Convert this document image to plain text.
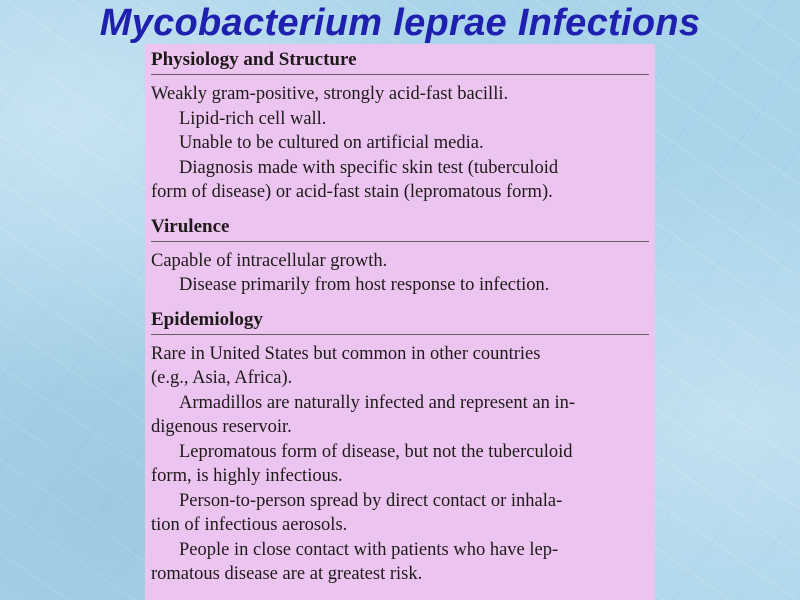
Mycobacterium leprae Infections
Physiology and Structure
Weakly gram-positive, strongly acid-fast bacilli.
Lipid-rich cell wall.
Unable to be cultured on artificial media.
Diagnosis made with specific skin test (tuberculoid
form of disease) or acid-fast stain (lepromatous form).
Virulence
Capable of intracellular growth.
Disease primarily from host response to infection.
Epidemiology
Rare in United States but common in other countries
(e.g., Asia, Africa).
Armadillos are naturally infected and represent an in-
digenous reservoir.
Lepromatous form of disease, but not the tuberculoid
form, is highly infectious.
Person-to-person spread by direct contact or inhala-
tion of infectious aerosols.
People in close contact with patients who have lep-
romatous disease are at greatest risk.
